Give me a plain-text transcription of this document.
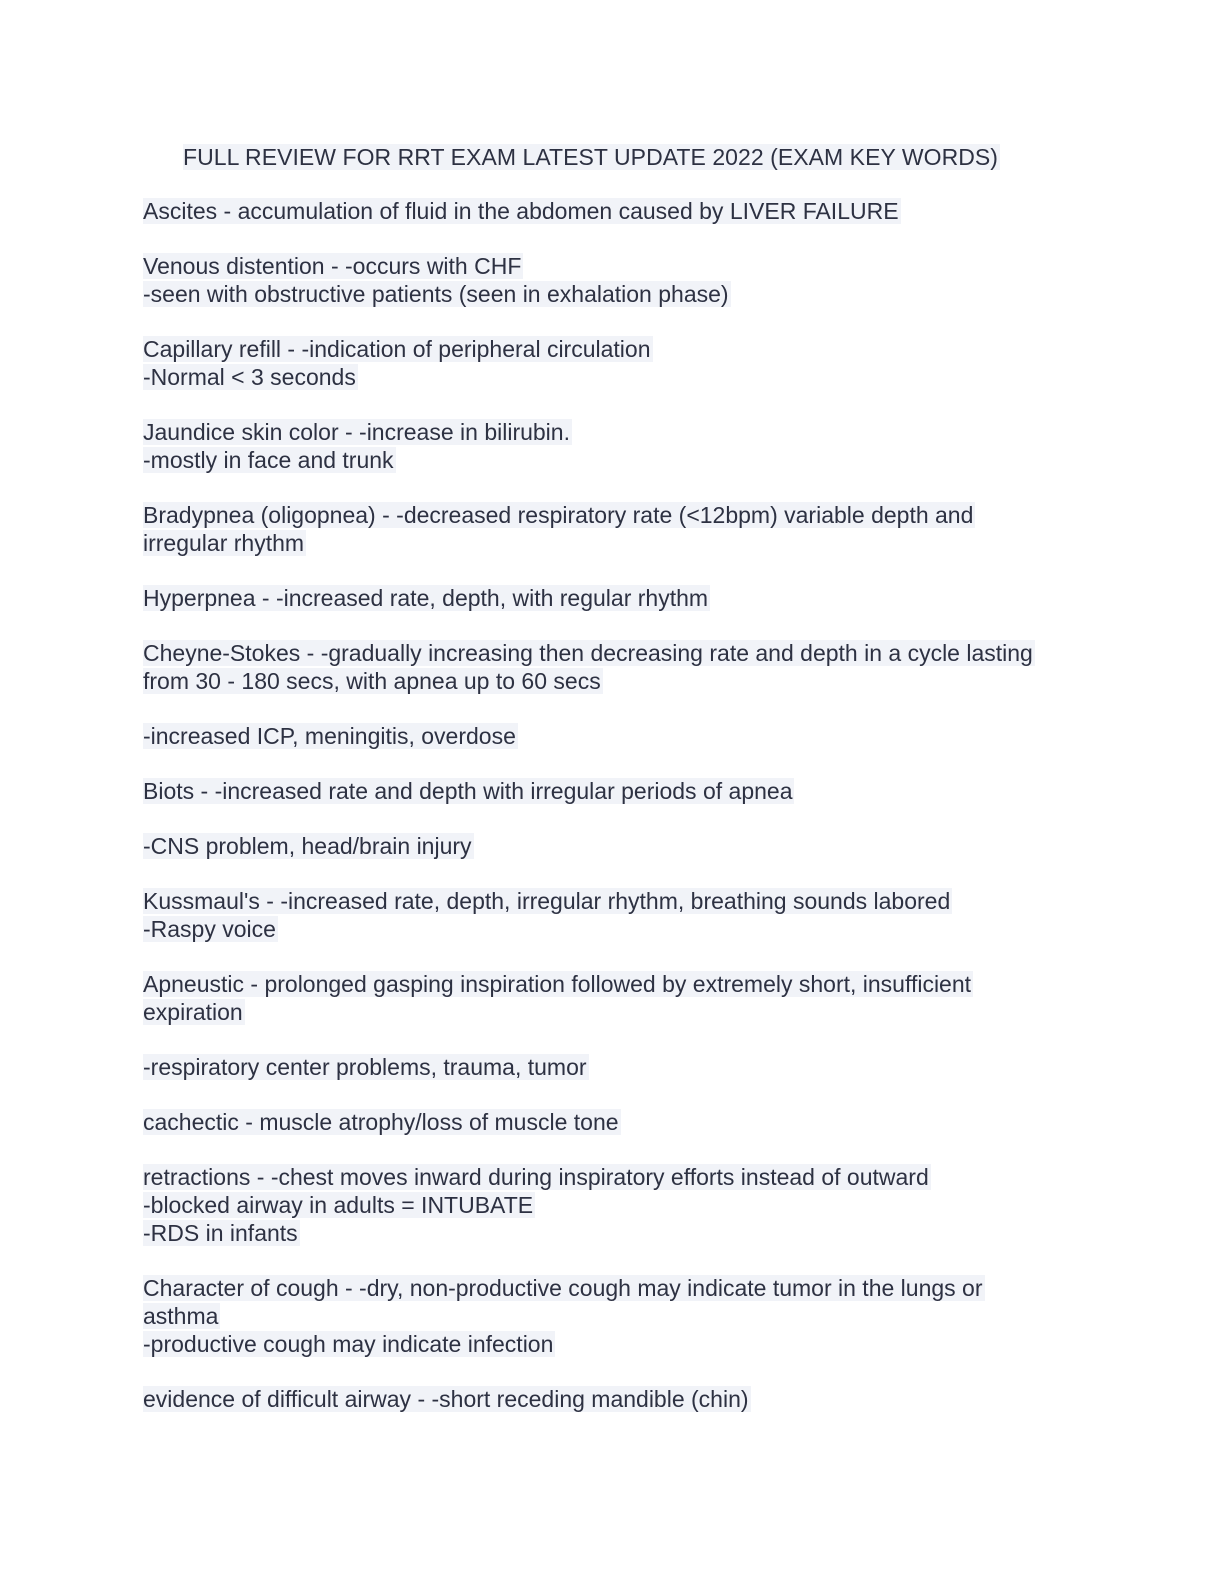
FULL REVIEW FOR RRT EXAM LATEST UPDATE 2022 (EXAM KEY WORDS)
Ascites - accumulation of fluid in the abdomen caused by LIVER FAILURE
Venous distention - -occurs with CHF
-seen with obstructive patients (seen in exhalation phase)
Capillary refill - -indication of peripheral circulation
-Normal < 3 seconds
Jaundice skin color - -increase in bilirubin.
-mostly in face and trunk
Bradypnea (oligopnea) - -decreased respiratory rate (<12bpm) variable depth and
irregular rhythm
Hyperpnea - -increased rate, depth, with regular rhythm
Cheyne-Stokes - -gradually increasing then decreasing rate and depth in a cycle lasting
from 30 - 180 secs, with apnea up to 60 secs
-increased ICP, meningitis, overdose
Biots - -increased rate and depth with irregular periods of apnea
-CNS problem, head/brain injury
Kussmaul's - -increased rate, depth, irregular rhythm, breathing sounds labored
-Raspy voice
Apneustic - prolonged gasping inspiration followed by extremely short, insufficient
expiration
-respiratory center problems, trauma, tumor
cachectic - muscle atrophy/loss of muscle tone
retractions - -chest moves inward during inspiratory efforts instead of outward
-blocked airway in adults = INTUBATE
-RDS in infants
Character of cough - -dry, non-productive cough may indicate tumor in the lungs or
asthma
-productive cough may indicate infection
evidence of difficult airway - -short receding mandible (chin)
